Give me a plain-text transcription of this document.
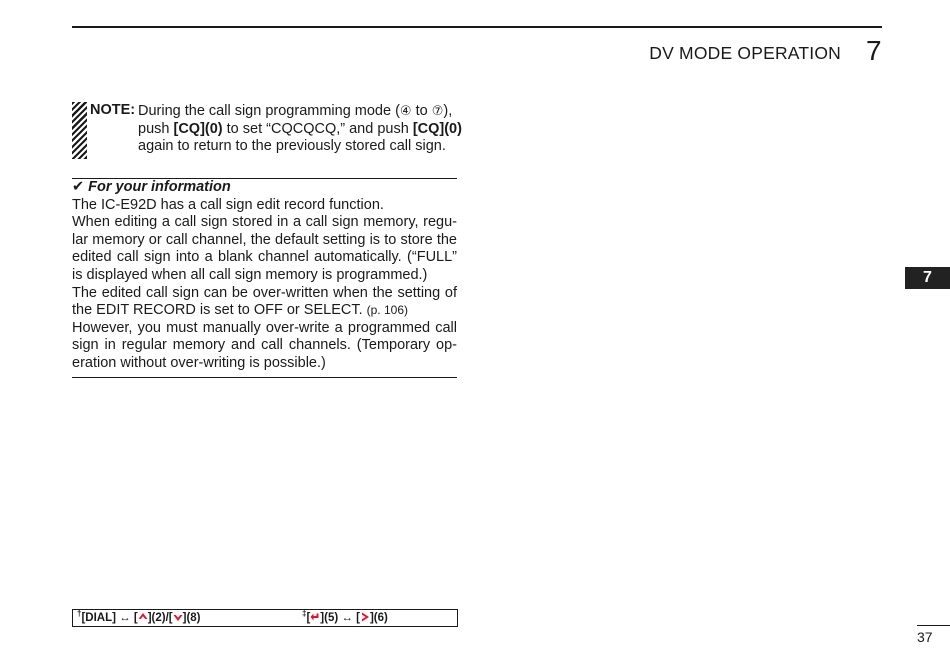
DV MODE OPERATION 7
7
NOTE: During the call sign programming mode (④ to ⑦),
push [CQ](0) to set “CQCQCQ,” and push [CQ](0)
again to return to the previously stored call sign.
✔ For your information

The IC-E92D has a call sign edit record function.

When editing a call sign stored in a call sign memory, regu-lar memory or call channel, the default setting is to store the edited call sign into a blank channel automatically. (“FULL” is displayed when all call sign memory is programmed.)

The edited call sign can be over-written when the setting of the EDIT RECORD is set to OFF or SELECT. (p. 106)

However, you must manually over-write a programmed call sign in regular memory and call channels. (Temporary op-eration without over-writing is possible.)

†[DIAL] ↔ [ ](2)/[ ](8)	‡[ ](5) ↔ [ ](6)
37
